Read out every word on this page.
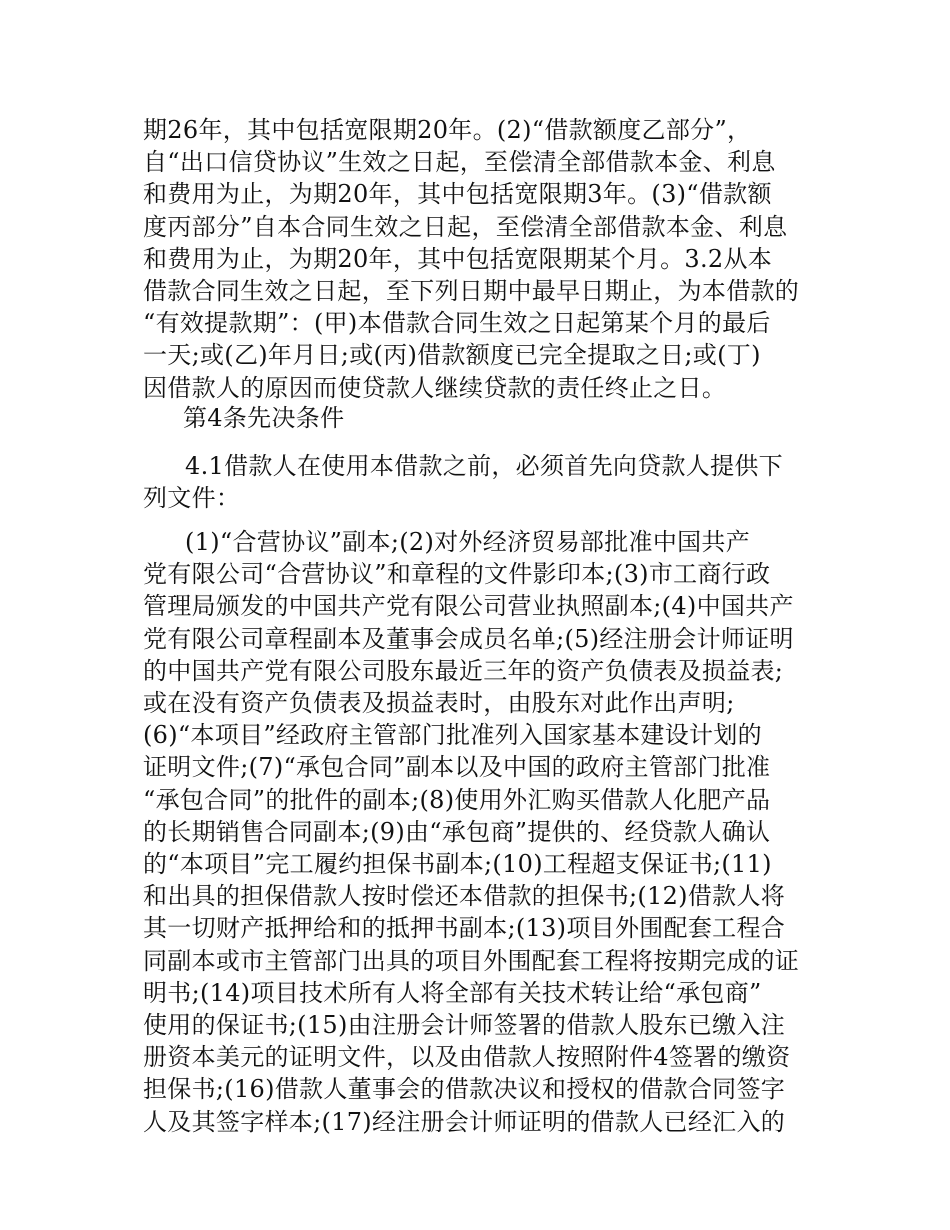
期26年，其中包括宽限期20年。(2)“借款额度乙部分”，
自“出口信贷协议”生效之日起，至偿清全部借款本金、利息
和费用为止，为期20年，其中包括宽限期3年。(3)“借款额
度丙部分”自本合同生效之日起，至偿清全部借款本金、利息
和费用为止，为期20年，其中包括宽限期某个月。3.2从本
借款合同生效之日起，至下列日期中最早日期止，为本借款的
“有效提款期”：(甲)本借款合同生效之日起第某个月的最后
一天;或(乙)年月日;或(丙)借款额度已完全提取之日;或(丁)
因借款人的原因而使贷款人继续贷款的责任终止之日。
第4条先决条件
4.1借款人在使用本借款之前，必须首先向贷款人提供下
列文件：
(1)“合营协议”副本;(2)对外经济贸易部批准中国共产
党有限公司“合营协议”和章程的文件影印本;(3)市工商行政
管理局颁发的中国共产党有限公司营业执照副本;(4)中国共产
党有限公司章程副本及董事会成员名单;(5)经注册会计师证明
的中国共产党有限公司股东最近三年的资产负债表及损益表;
或在没有资产负债表及损益表时，由股东对此作出声明;
(6)“本项目”经政府主管部门批准列入国家基本建设计划的
证明文件;(7)“承包合同”副本以及中国的政府主管部门批准
“承包合同”的批件的副本;(8)使用外汇购买借款人化肥产品
的长期销售合同副本;(9)由“承包商”提供的、经贷款人确认
的“本项目”完工履约担保书副本;(10)工程超支保证书;(11)
和出具的担保借款人按时偿还本借款的担保书;(12)借款人将
其一切财产抵押给和的抵押书副本;(13)项目外围配套工程合
同副本或市主管部门出具的项目外围配套工程将按期完成的证
明书;(14)项目技术所有人将全部有关技术转让给“承包商”
使用的保证书;(15)由注册会计师签署的借款人股东已缴入注
册资本美元的证明文件，以及由借款人按照附件4签署的缴资
担保书;(16)借款人董事会的借款决议和授权的借款合同签字
人及其签字样本;(17)经注册会计师证明的借款人已经汇入的
